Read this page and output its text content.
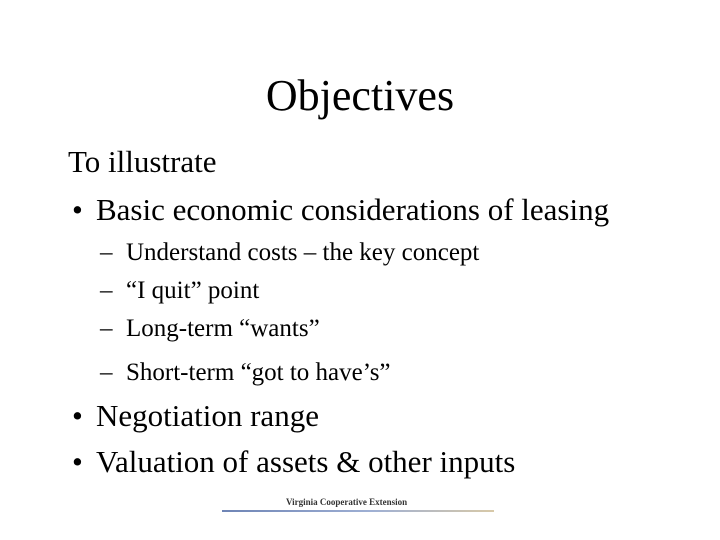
Objectives
To illustrate
• Basic economic considerations of leasing
– Understand costs – the key concept
– “I quit” point
– Long-term “wants”
– Short-term “got to have’s”
• Negotiation range
• Valuation of assets & other inputs
Virginia Cooperative Extension
